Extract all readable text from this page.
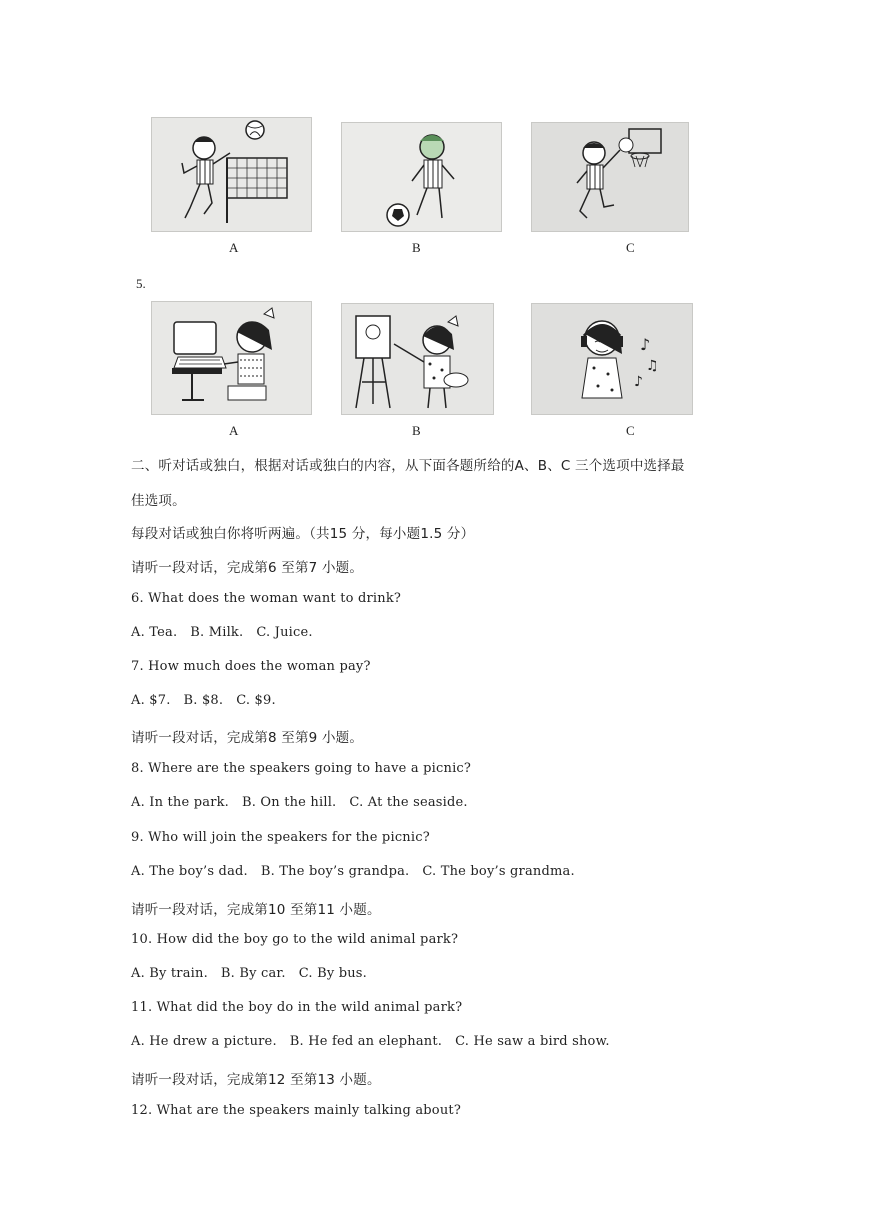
A	B	C
5.
♪
♫
♪
A	B	C
二、听对话或独白，根据对话或独白的内容，从下面各题所给的A、B、C 三个选项中选择最
佳选项。
每段对话或独白你将听两遍。（共15 分，每小题1.5 分）
请听一段对话，完成第6 至第7 小题。
6. What does the woman want to drink?
A. Tea.   B. Milk.   C. Juice.
7. How much does the woman pay?
A. $7.   B. $8.   C. $9.
请听一段对话，完成第8 至第9 小题。
8. Where are the speakers going to have a picnic?
A. In the park.   B. On the hill.   C. At the seaside.
9. Who will join the speakers for the picnic?
A. The boy’s dad.   B. The boy’s grandpa.   C. The boy’s grandma.
请听一段对话，完成第10 至第11 小题。
10. How did the boy go to the wild animal park?
A. By train.   B. By car.   C. By bus.
11. What did the boy do in the wild animal park?
A. He drew a picture.   B. He fed an elephant.   C. He saw a bird show.
请听一段对话，完成第12 至第13 小题。
12. What are the speakers mainly talking about?
